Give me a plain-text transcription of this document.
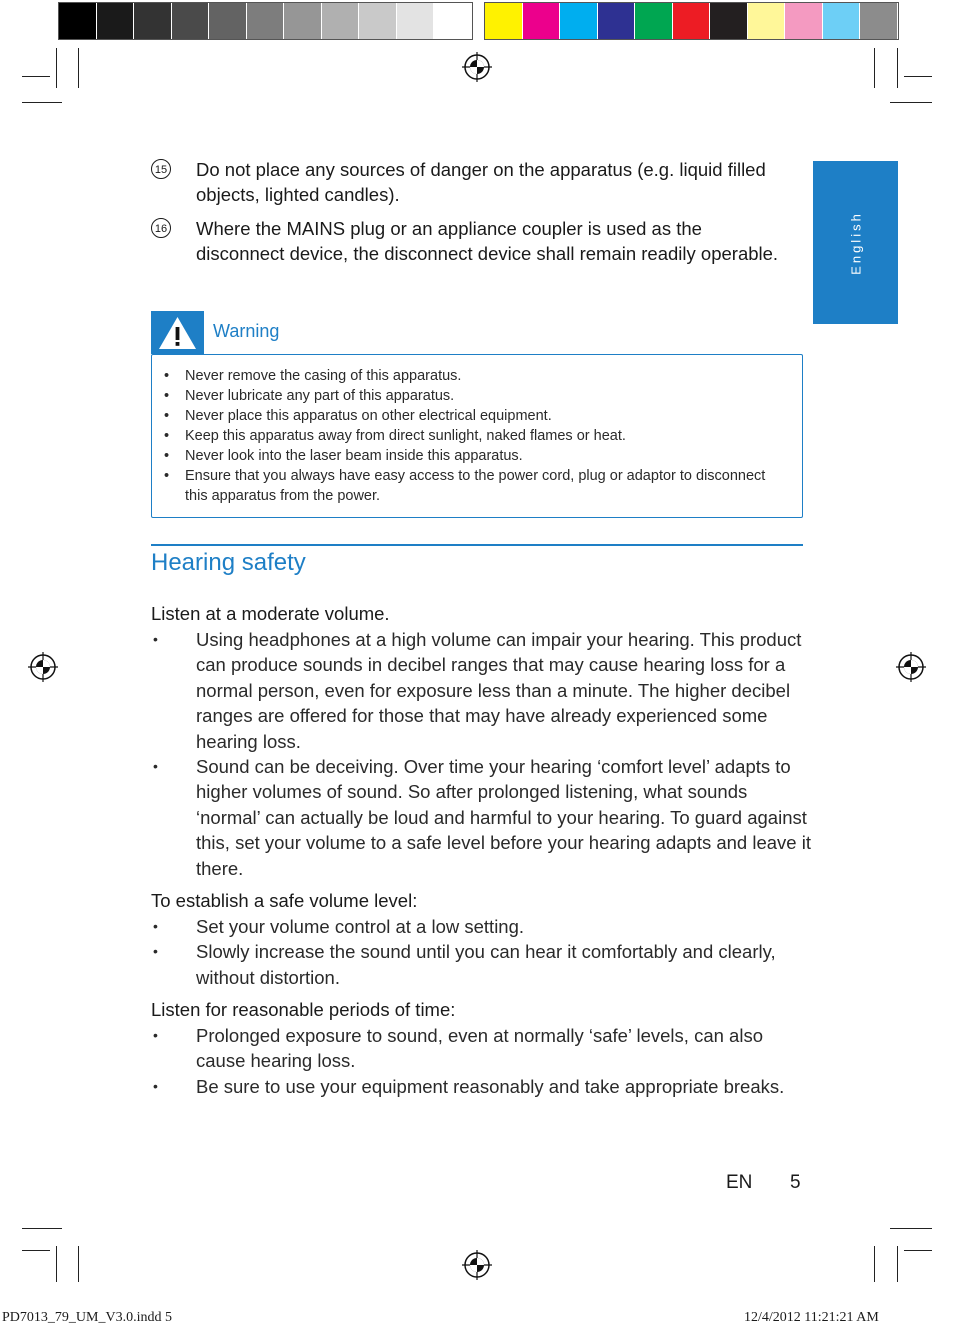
English
15 Do not place any sources of danger on the apparatus (e.g. liquid filled objects, lighted candles).
16 Where the MAINS plug or an appliance coupler is used as the disconnect device, the disconnect device shall remain readily operable.
Warning
• Never remove the casing of this apparatus.
• Never lubricate any part of this apparatus.
• Never place this apparatus on other electrical equipment.
• Keep this apparatus away from direct sunlight, naked flames or heat.
• Never look into the laser beam inside this apparatus.
• Ensure that you always have easy access to the power cord, plug or adaptor to disconnect this apparatus from the power.
Hearing safety
Listen at a moderate volume.
• Using headphones at a high volume can impair your hearing. This product can produce sounds in decibel ranges that may cause hearing loss for a normal person, even for exposure less than a minute. The higher decibel ranges are offered for those that may have already experienced some hearing loss.
• Sound can be deceiving. Over time your hearing ‘comfort level’ adapts to higher volumes of sound. So after prolonged listening, what sounds ‘normal’ can actually be loud and harmful to your hearing. To guard against this, set your volume to a safe level before your hearing adapts and leave it there.
To establish a safe volume level:
• Set your volume control at a low setting.
• Slowly increase the sound until you can hear it comfortably and clearly, without distortion.
Listen for reasonable periods of time:
• Prolonged exposure to sound, even at normally ‘safe’ levels, can also cause hearing loss.
• Be sure to use your equipment reasonably and take appropriate breaks.
EN 5
PD7013_79_UM_V3.0.indd 5	12/4/2012 11:21:21 AM
